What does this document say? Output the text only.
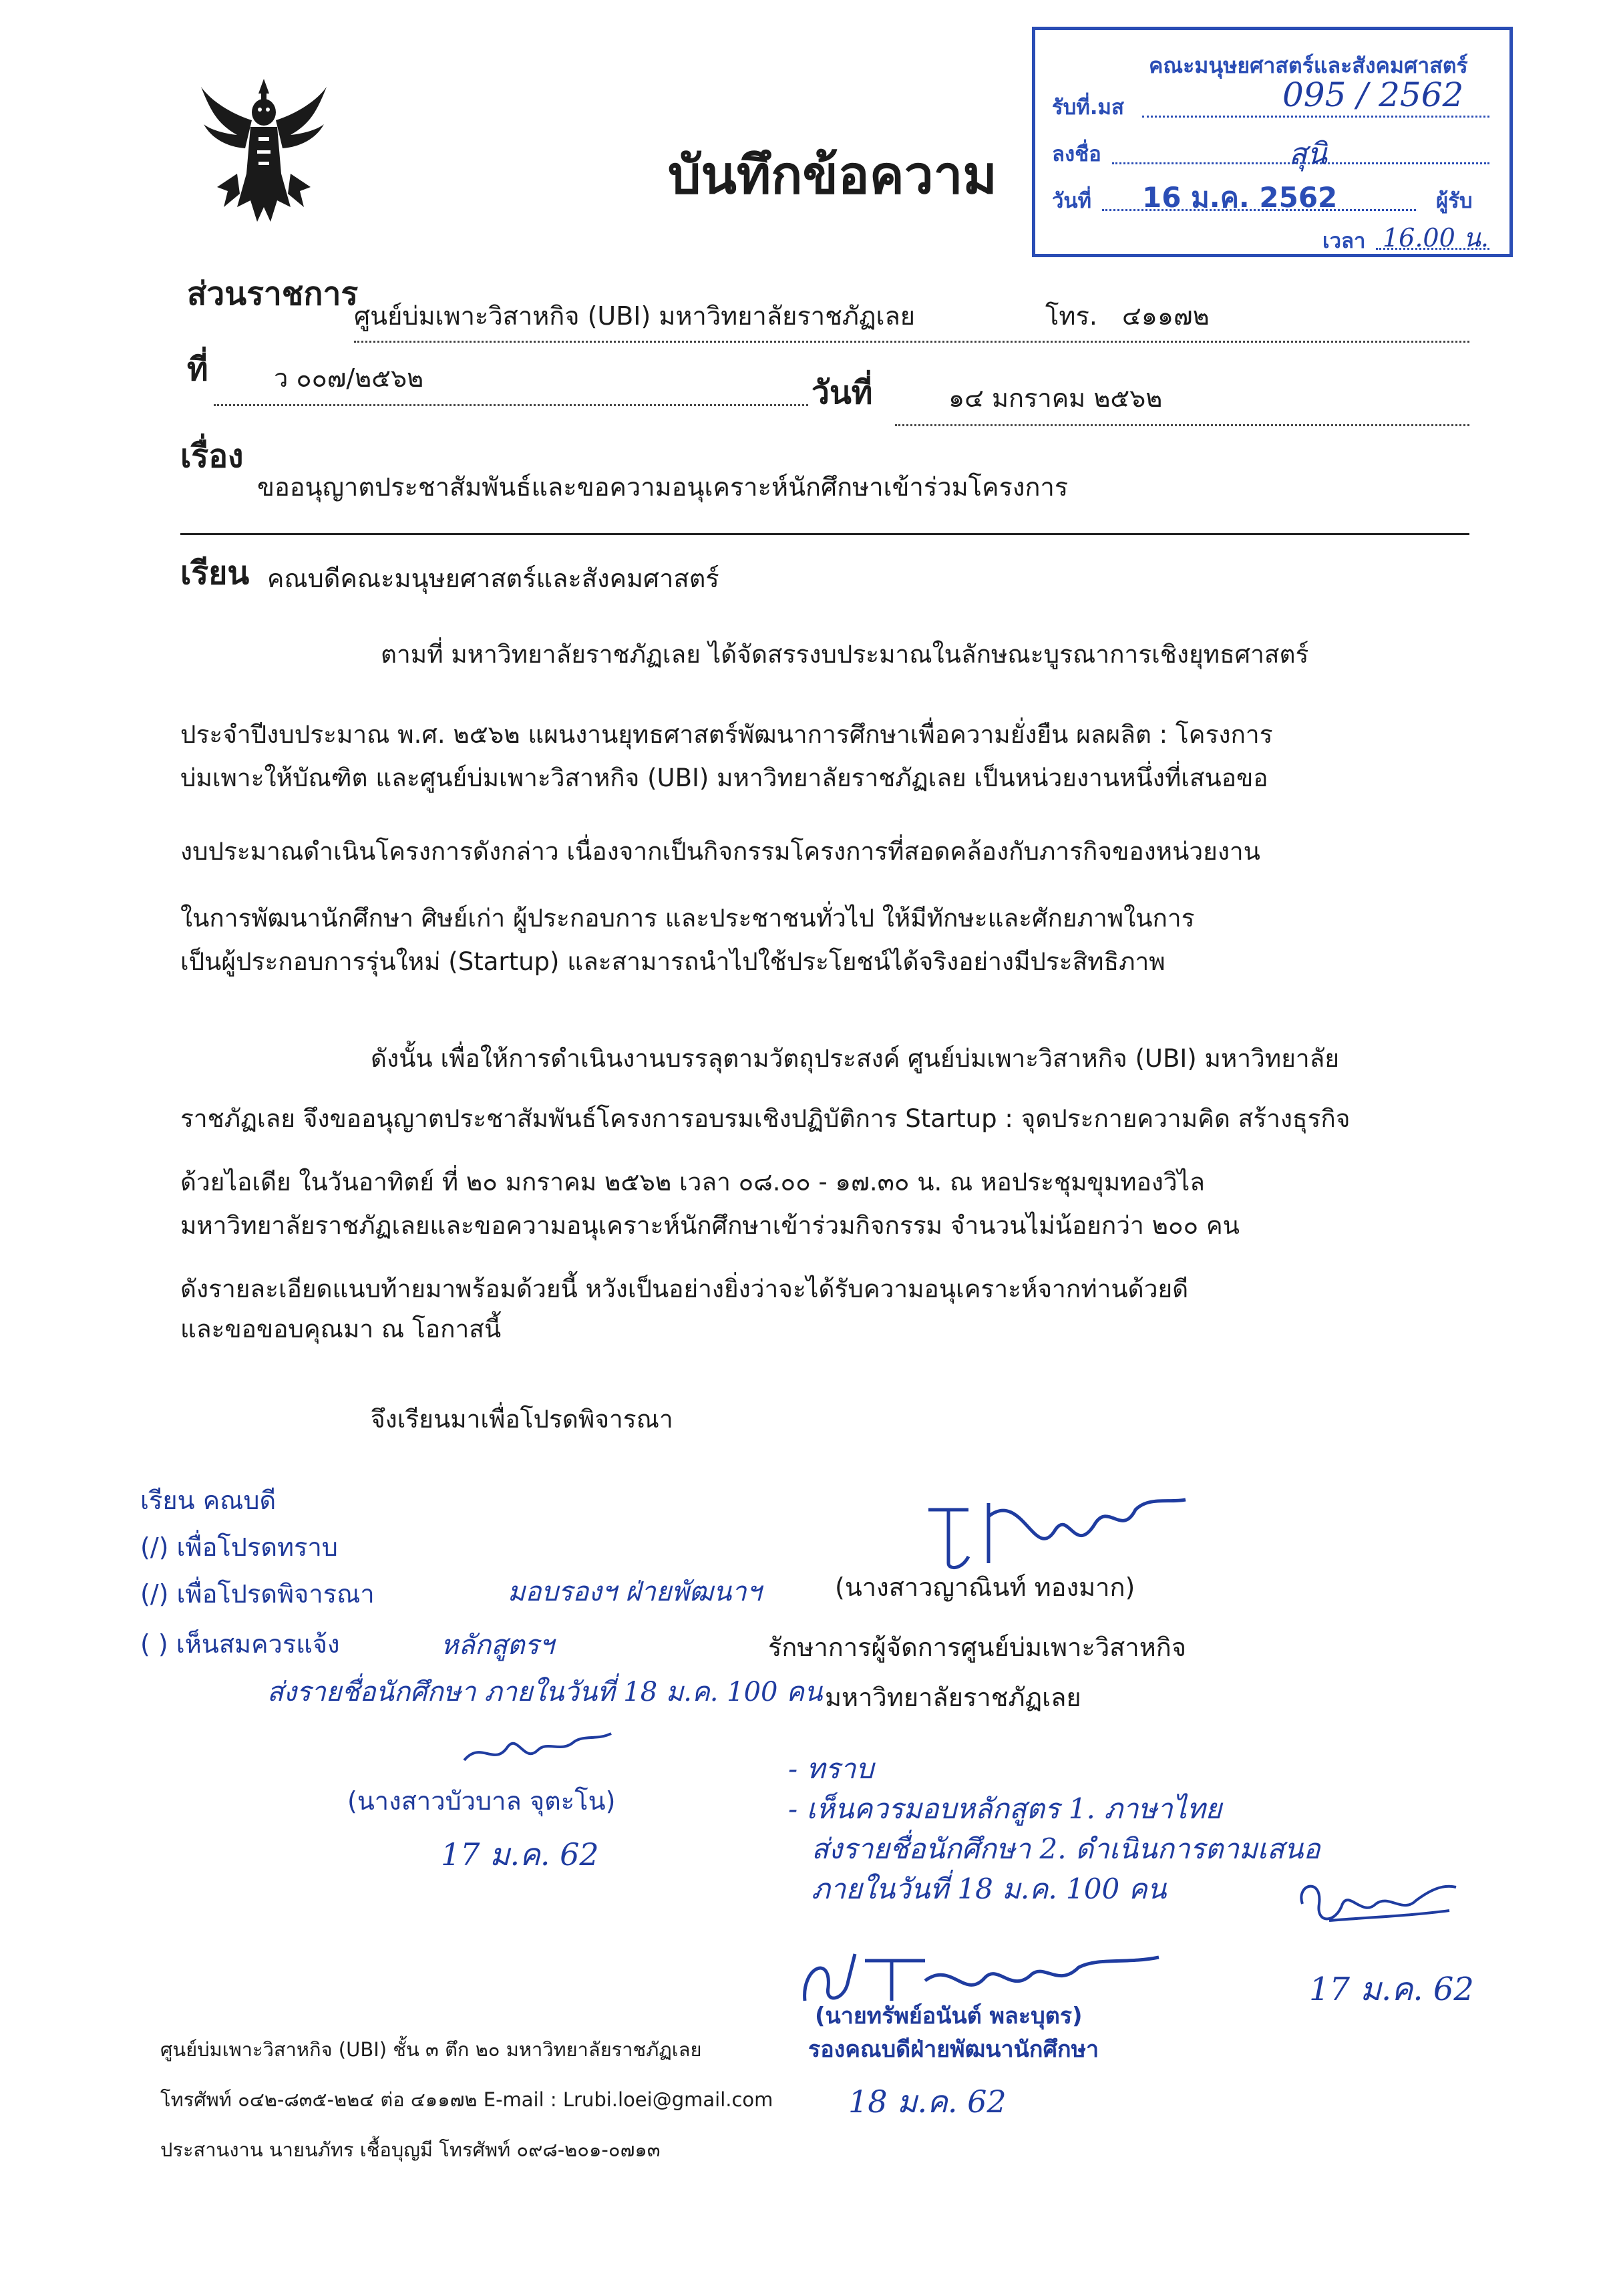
บันทึกข้อความ
คณะมนุษยศาสตร์และสังคมศาสตร์
รับที่.มส	095 / 2562
ลงชื่อ	สุนิ
วันที่ 16 ม.ค. 2562	ผู้รับ
เวลา 16.00 น.
ส่วนราชการ
ศูนย์บ่มเพาะวิสาหกิจ (UBI) มหาวิทยาลัยราชภัฏเลย	โทร. ๔๑๑๗๒
ที่	ว ๐๐๗/๒๕๖๒	วันที่	๑๔ มกราคม ๒๕๖๒
เรื่อง
ขออนุญาตประชาสัมพันธ์และขอความอนุเคราะห์นักศึกษาเข้าร่วมโครงการ
เรียน คณบดีคณะมนุษยศาสตร์และสังคมศาสตร์
ตามที่ มหาวิทยาลัยราชภัฏเลย ได้จัดสรรงบประมาณในลักษณะบูรณาการเชิงยุทธศาสตร์
ประจำปีงบประมาณ พ.ศ. ๒๕๖๒ แผนงานยุทธศาสตร์พัฒนาการศึกษาเพื่อความยั่งยืน ผลผลิต : โครงการ
บ่มเพาะให้บัณฑิต และศูนย์บ่มเพาะวิสาหกิจ (UBI) มหาวิทยาลัยราชภัฏเลย เป็นหน่วยงานหนึ่งที่เสนอขอ
งบประมาณดำเนินโครงการดังกล่าว เนื่องจากเป็นกิจกรรมโครงการที่สอดคล้องกับภารกิจของหน่วยงาน
ในการพัฒนานักศึกษา ศิษย์เก่า ผู้ประกอบการ และประชาชนทั่วไป ให้มีทักษะและศักยภาพในการ
เป็นผู้ประกอบการรุ่นใหม่ (Startup) และสามารถนำไปใช้ประโยชน์ได้จริงอย่างมีประสิทธิภาพ
ดังนั้น เพื่อให้การดำเนินงานบรรลุตามวัตถุประสงค์ ศูนย์บ่มเพาะวิสาหกิจ (UBI) มหาวิทยาลัย
ราชภัฏเลย จึงขออนุญาตประชาสัมพันธ์โครงการอบรมเชิงปฏิบัติการ Startup : จุดประกายความคิด สร้างธุรกิจ
ด้วยไอเดีย ในวันอาทิตย์ ที่ ๒๐ มกราคม ๒๕๖๒ เวลา ๐๘.๐๐ - ๑๗.๓๐ น. ณ หอประชุมขุมทองวิไล
มหาวิทยาลัยราชภัฏเลยและขอความอนุเคราะห์นักศึกษาเข้าร่วมกิจกรรม จำนวนไม่น้อยกว่า ๒๐๐ คน
ดังรายละเอียดแนบท้ายมาพร้อมด้วยนี้ หวังเป็นอย่างยิ่งว่าจะได้รับความอนุเคราะห์จากท่านด้วยดี
และขอขอบคุณมา ณ โอกาสนี้
จึงเรียนมาเพื่อโปรดพิจารณา
เรียน คณบดี
(/) เพื่อโปรดทราบ
(/) เพื่อโปรดพิจารณา
( ) เห็นสมควรแจ้ง
มอบรองฯ ฝ่ายพัฒนาฯ
หลักสูตรฯ
ส่งรายชื่อนักศึกษา ภายในวันที่ 18 ม.ค. 100 คน
(นางสาวบัวบาล จุตะโน)
17 ม.ค. 62
(นางสาวญาณินท์ ทองมาก)
รักษาการผู้จัดการศูนย์บ่มเพาะวิสาหกิจ
มหาวิทยาลัยราชภัฏเลย
- ทราบ
- เห็นควรมอบหลักสูตร 1. ภาษาไทย
ส่งรายชื่อนักศึกษา 2. ดำเนินการตามเสนอ
ภายในวันที่ 18 ม.ค. 100 คน
17 ม.ค. 62
(นายทรัพย์อนันต์ พละบุตร)
รองคณบดีฝ่ายพัฒนานักศึกษา
18 ม.ค. 62
ศูนย์บ่มเพาะวิสาหกิจ (UBI) ชั้น ๓ ตึก ๒๐ มหาวิทยาลัยราชภัฏเลย
โทรศัพท์ ๐๔๒-๘๓๕-๒๒๔ ต่อ ๔๑๑๗๒ E-mail : Lrubi.loei@gmail.com
ประสานงาน นายนภัทร เชื้อบุญมี โทรศัพท์ ๐๙๘-๒๐๑-๐๗๑๓
